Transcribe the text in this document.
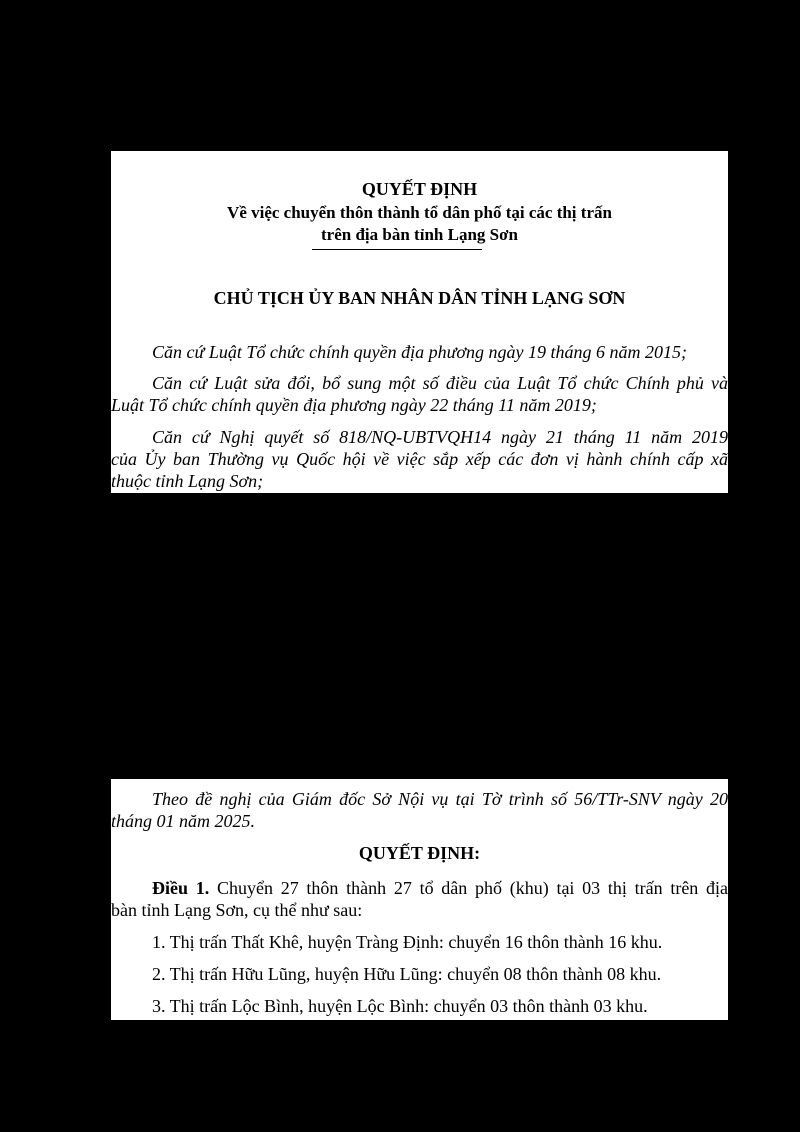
QUYẾT ĐỊNH
Về việc chuyển thôn thành tổ dân phố tại các thị trấn
trên địa bàn tỉnh Lạng Sơn
CHỦ TỊCH ỦY BAN NHÂN DÂN TỈNH LẠNG SƠN
Căn cứ Luật Tổ chức chính quyền địa phương ngày 19 tháng 6 năm 2015;
Căn cứ Luật sửa đổi, bổ sung một số điều của Luật Tổ chức Chính phủ và
Luật Tổ chức chính quyền địa phương ngày 22 tháng 11 năm 2019;
Căn cứ Nghị quyết số 818/NQ-UBTVQH14 ngày 21 tháng 11 năm 2019
của Ủy ban Thường vụ Quốc hội về việc sắp xếp các đơn vị hành chính cấp xã
thuộc tỉnh Lạng Sơn;
Theo đề nghị của Giám đốc Sở Nội vụ tại Tờ trình số 56/TTr-SNV ngày 20
tháng 01 năm 2025.
QUYẾT ĐỊNH:
Điều 1. Chuyển 27 thôn thành 27 tổ dân phố (khu) tại 03 thị trấn trên địa
bàn tỉnh Lạng Sơn, cụ thể như sau:
1. Thị trấn Thất Khê, huyện Tràng Định: chuyển 16 thôn thành 16 khu.
2. Thị trấn Hữu Lũng, huyện Hữu Lũng: chuyển 08 thôn thành 08 khu.
3. Thị trấn Lộc Bình, huyện Lộc Bình: chuyển 03 thôn thành 03 khu.
